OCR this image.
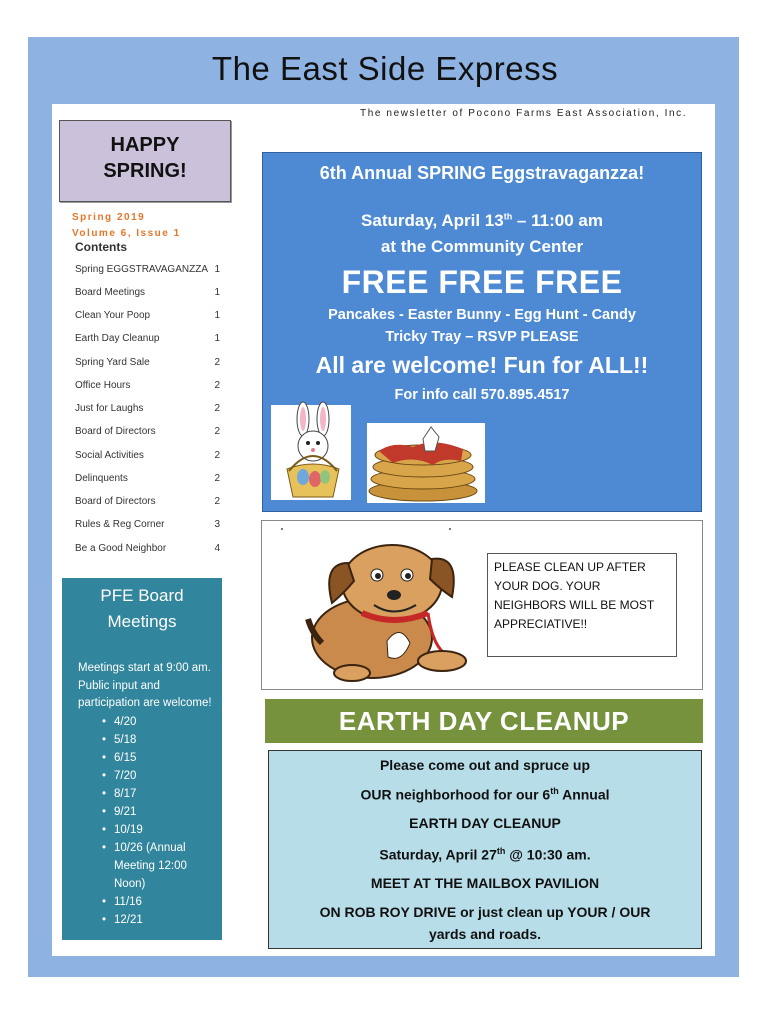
The East Side Express
The newsletter of Pocono Farms East Association, Inc.
HAPPY
SPRING!
Spring 2019
Volume 6, Issue 1
Contents
Spring EGGSTRAVAGANZZA 1
Board Meetings	1
Clean Your Poop	1
Earth Day Cleanup	1
Spring Yard Sale	2
Office Hours	2
Just for Laughs	2
Board of Directors	2
Social Activities	2
Delinquents	2
Board of Directors	2
Rules & Reg Corner	3
Be a Good Neighbor	4
PFE Board
Meetings
Meetings start at 9:00 am. Public input and participation are welcome!
• 4/20
• 5/18
• 6/15
• 7/20
• 8/17
• 9/21
• 10/19
• 10/26 (Annual Meeting 12:00 Noon)
• 11/16
• 12/21
6th Annual SPRING Eggstravaganzza!
Saturday, April 13th – 11:00 am
at the Community Center
FREE FREE FREE
Pancakes - Easter Bunny - Egg Hunt - Candy
Tricky Tray – RSVP PLEASE
All are welcome! Fun for ALL!!
For info call 570.895.4517
PLEASE CLEAN UP AFTER YOUR DOG. YOUR NEIGHBORS WILL BE MOST APPRECIATIVE!!
EARTH DAY CLEANUP
Please come out and spruce up
OUR neighborhood for our 6th Annual
EARTH DAY CLEANUP
Saturday, April 27th @ 10:30 am.
MEET AT THE MAILBOX PAVILION
ON ROB ROY DRIVE or just clean up YOUR / OUR
yards and roads.
